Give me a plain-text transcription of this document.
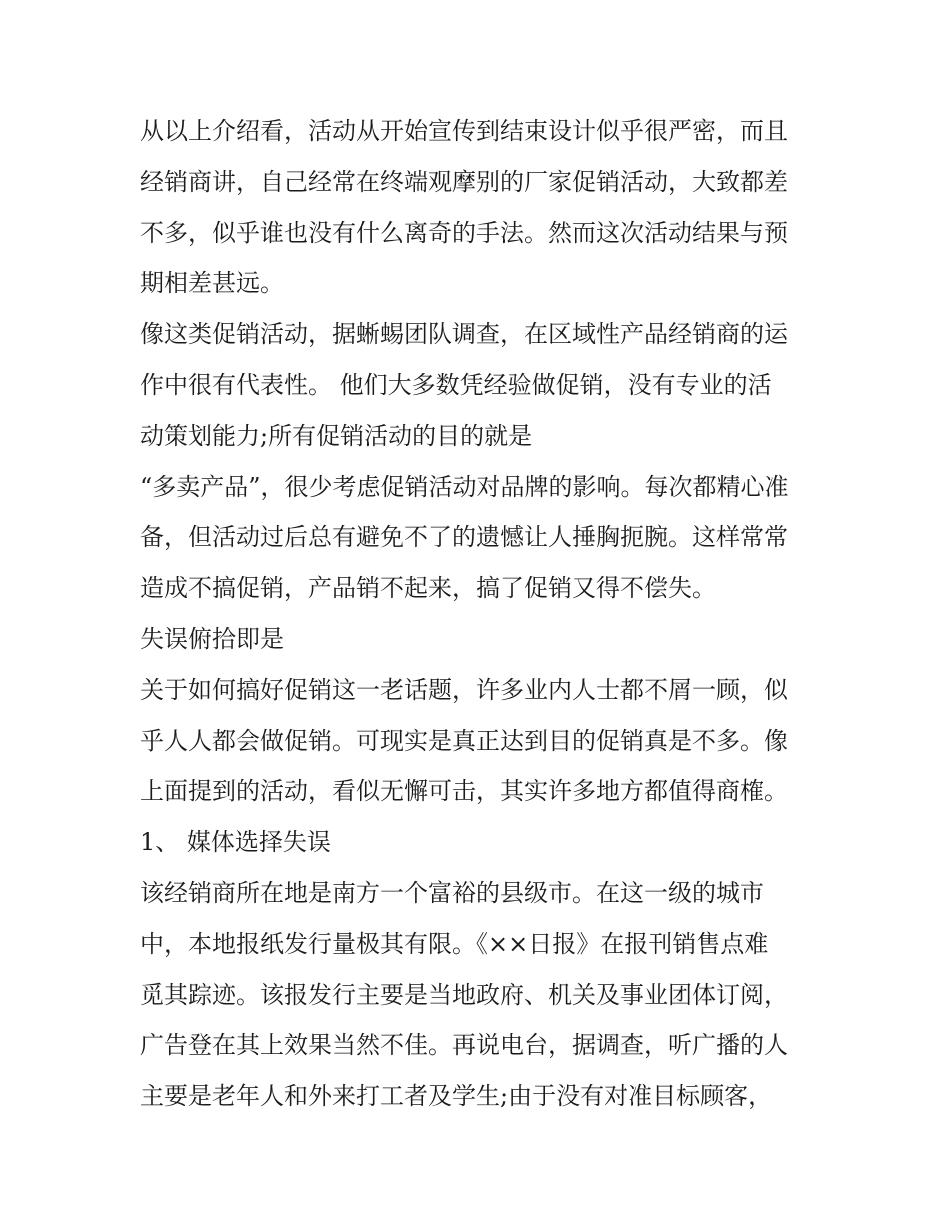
从以上介绍看，活动从开始宣传到结束设计似乎很严密，而且
经销商讲，自己经常在终端观摩别的厂家促销活动，大致都差
不多，似乎谁也没有什么离奇的手法。然而这次活动结果与预
期相差甚远。
像这类促销活动，据蜥蜴团队调查，在区域性产品经销商的运
作中很有代表性。 他们大多数凭经验做促销，没有专业的活
动策划能力;所有促销活动的目的就是
“多卖产品”，很少考虑促销活动对品牌的影响。每次都精心准
备，但活动过后总有避免不了的遗憾让人捶胸扼腕。这样常常
造成不搞促销，产品销不起来，搞了促销又得不偿失。
失误俯拾即是
关于如何搞好促销这一老话题，许多业内人士都不屑一顾，似
乎人人都会做促销。可现实是真正达到目的促销真是不多。像
上面提到的活动，看似无懈可击，其实许多地方都值得商榷。
1、 媒体选择失误
该经销商所在地是南方一个富裕的县级市。在这一级的城市
中，本地报纸发行量极其有限。《××日报》在报刊销售点难
觅其踪迹。该报发行主要是当地政府、机关及事业团体订阅，
广告登在其上效果当然不佳。再说电台，据调查，听广播的人
主要是老年人和外来打工者及学生;由于没有对准目标顾客，
